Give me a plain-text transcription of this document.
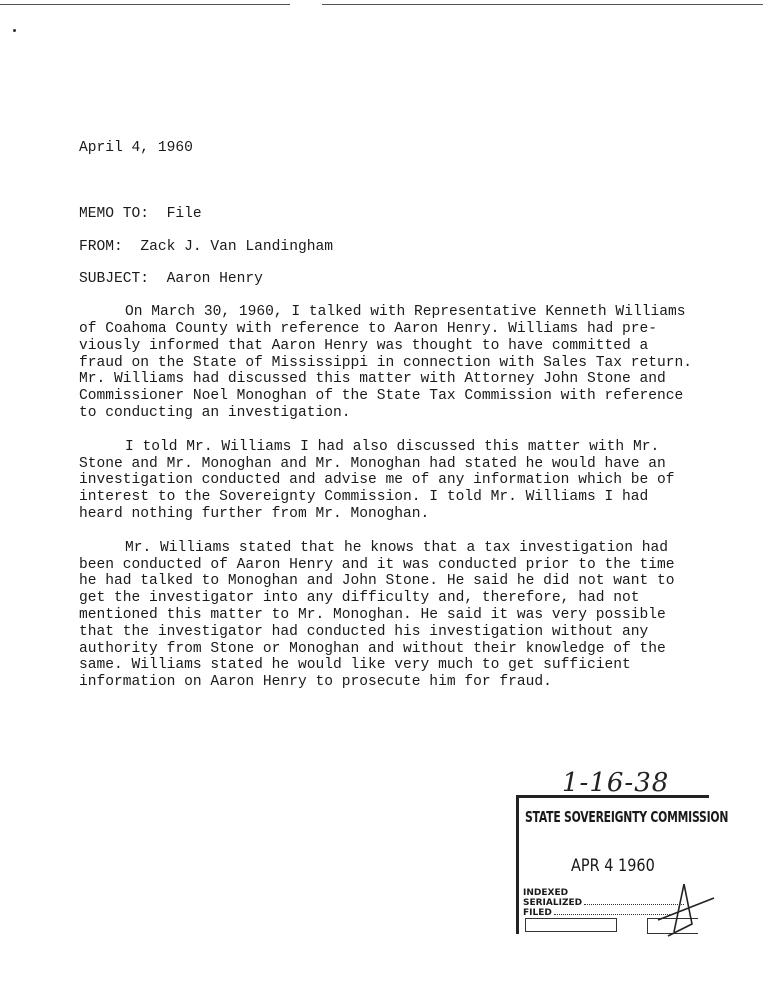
April 4, 1960

MEMO TO: File

FROM: Zack J. Van Landingham

SUBJECT: Aaron Henry

On March 30, 1960, I talked with Representative Kenneth Williams
of Coahoma County with reference to Aaron Henry. Williams had pre-
viously informed that Aaron Henry was thought to have committed a
fraud on the State of Mississippi in connection with Sales Tax return.
Mr. Williams had discussed this matter with Attorney John Stone and
Commissioner Noel Monoghan of the State Tax Commission with reference
to conducting an investigation.

I told Mr. Williams I had also discussed this matter with Mr.
Stone and Mr. Monoghan and Mr. Monoghan had stated he would have an
investigation conducted and advise me of any information which be of
interest to the Sovereignty Commission. I told Mr. Williams I had
heard nothing further from Mr. Monoghan.

Mr. Williams stated that he knows that a tax investigation had
been conducted of Aaron Henry and it was conducted prior to the time
he had talked to Monoghan and John Stone. He said he did not want to
get the investigator into any difficulty and, therefore, had not
mentioned this matter to Mr. Monoghan. He said it was very possible
that the investigator had conducted his investigation without any
authority from Stone or Monoghan and without their knowledge of the
same. Williams stated he would like very much to get sufficient
information on Aaron Henry to prosecute him for fraud.

1-16-38
STATE SOVEREIGNTY COMMISSION
APR 4 1960
INDEXED
SERIALIZED
FILED
